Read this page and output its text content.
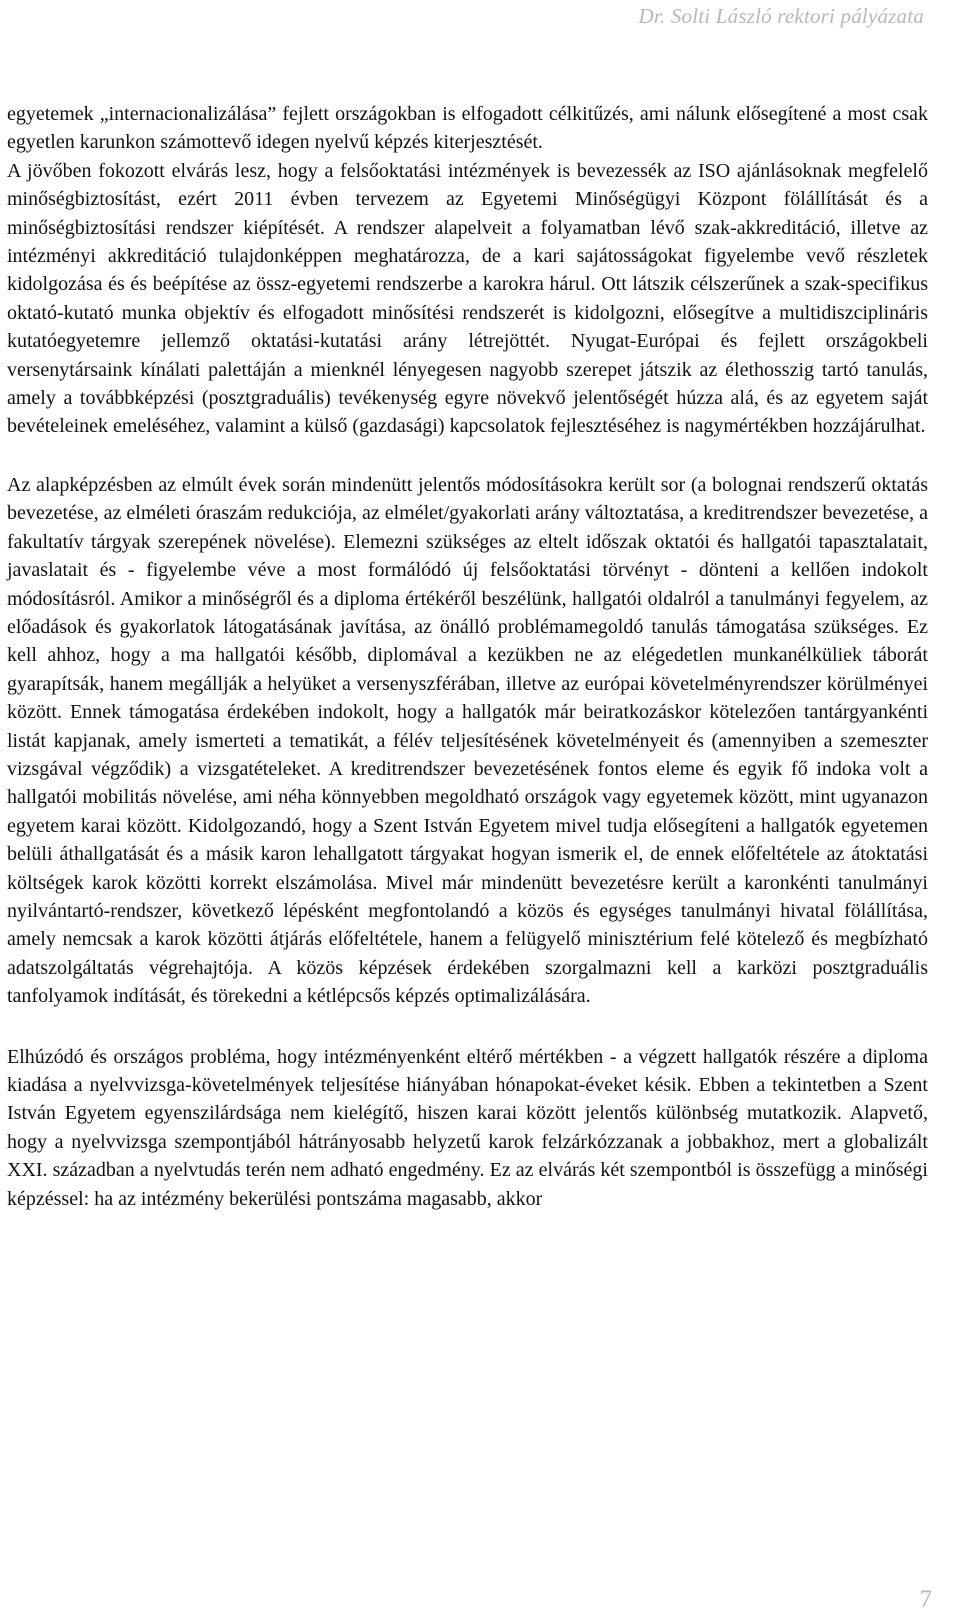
Dr. Solti László rektori pályázata

egyetemek „internacionalizálása” fejlett országokban is elfogadott célkitűzés, ami nálunk elősegítené a most csak egyetlen karunkon számottevő idegen nyelvű képzés kiterjesztését.

A jövőben fokozott elvárás lesz, hogy a felsőoktatási intézmények is bevezessék az ISO ajánlásoknak megfelelő minőségbiztosítást, ezért 2011 évben tervezem az Egyetemi Minőségügyi Központ fölállítását és a minőségbiztosítási rendszer kiépítését. A rendszer alapelveit a folyamatban lévő szak-akkreditáció, illetve az intézményi akkreditáció tulajdonképpen meghatározza, de a kari sajátosságokat figyelembe vevő részletek kidolgozása és és beépítése az össz-egyetemi rendszerbe a karokra hárul. Ott látszik célszerűnek a szak-specifikus oktató-kutató munka objektív és elfogadott minősítési rendszerét is kidolgozni, elősegítve a multidiszciplináris kutatóegyetemre jellemző oktatási-kutatási arány létrejöttét. Nyugat-Európai és fejlett országokbeli versenytársaink kínálati palettáján a mienknél lényegesen nagyobb szerepet játszik az élethosszig tartó tanulás, amely a továbbképzési (posztgraduális) tevékenység egyre növekvő jelentőségét húzza alá, és az egyetem saját bevételeinek emeléséhez, valamint a külső (gazdasági) kapcsolatok fejlesztéséhez is nagymértékben hozzájárulhat.

Az alapképzésben az elmúlt évek során mindenütt jelentős módosításokra került sor (a bolognai rendszerű oktatás bevezetése, az elméleti óraszám redukciója, az elmélet/gyakorlati arány változtatása, a kreditrendszer bevezetése, a fakultatív tárgyak szerepének növelése). Elemezni szükséges az eltelt időszak oktatói és hallgatói tapasztalatait, javaslatait és - figyelembe véve a most formálódó új felsőoktatási törvényt - dönteni a kellően indokolt módosításról. Amikor a minőségről és a diploma értékéről beszélünk, hallgatói oldalról a tanulmányi fegyelem, az előadások és gyakorlatok látogatásának javítása, az önálló problémamegoldó tanulás támogatása szükséges. Ez kell ahhoz, hogy a ma hallgatói később, diplomával a kezükben ne az elégedetlen munkanélküliek táborát gyarapítsák, hanem megállják a helyüket a versenyszférában, illetve az európai követelményrendszer körülményei között. Ennek támogatása érdekében indokolt, hogy a hallgatók már beiratkozáskor kötelezően tantárgyankénti listát kapjanak, amely ismerteti a tematikát, a félév teljesítésének követelményeit és (amennyiben a szemeszter vizsgával végződik) a vizsgatételeket. A kreditrendszer bevezetésének fontos eleme és egyik fő indoka volt a hallgatói mobilitás növelése, ami néha könnyebben megoldható országok vagy egyetemek között, mint ugyanazon egyetem karai között. Kidolgozandó, hogy a Szent István Egyetem mivel tudja elősegíteni a hallgatók egyetemen belüli áthallgatását és a másik karon lehallgatott tárgyakat hogyan ismerik el, de ennek előfeltétele az átoktatási költségek karok közötti korrekt elszámolása. Mivel már mindenütt bevezetésre került a karonkénti tanulmányi nyilvántartó-rendszer, következő lépésként megfontolandó a közös és egységes tanulmányi hivatal fölállítása, amely nemcsak a karok közötti átjárás előfeltétele, hanem a felügyelő minisztérium felé kötelező és megbízható adatszolgáltatás végrehajtója. A közös képzések érdekében szorgalmazni kell a karközi posztgraduális tanfolyamok indítását, és törekedni a kétlépcsős képzés optimalizálására.

Elhúzódó és országos probléma, hogy intézményenként eltérő mértékben - a végzett hallgatók részére a diploma kiadása a nyelvvizsga-követelmények teljesítése hiányában hónapokat-éveket késik. Ebben a tekintetben a Szent István Egyetem egyenszilárdsága nem kielégítő, hiszen karai között jelentős különbség mutatkozik. Alapvető, hogy a nyelvvizsga szempontjából hátrányosabb helyzetű karok felzárkózzanak a jobbakhoz, mert a globalizált XXI. században a nyelvtudás terén nem adható engedmény. Ez az elvárás két szempontból is összefügg a minőségi képzéssel: ha az intézmény bekerülési pontszáma magasabb, akkor

7
